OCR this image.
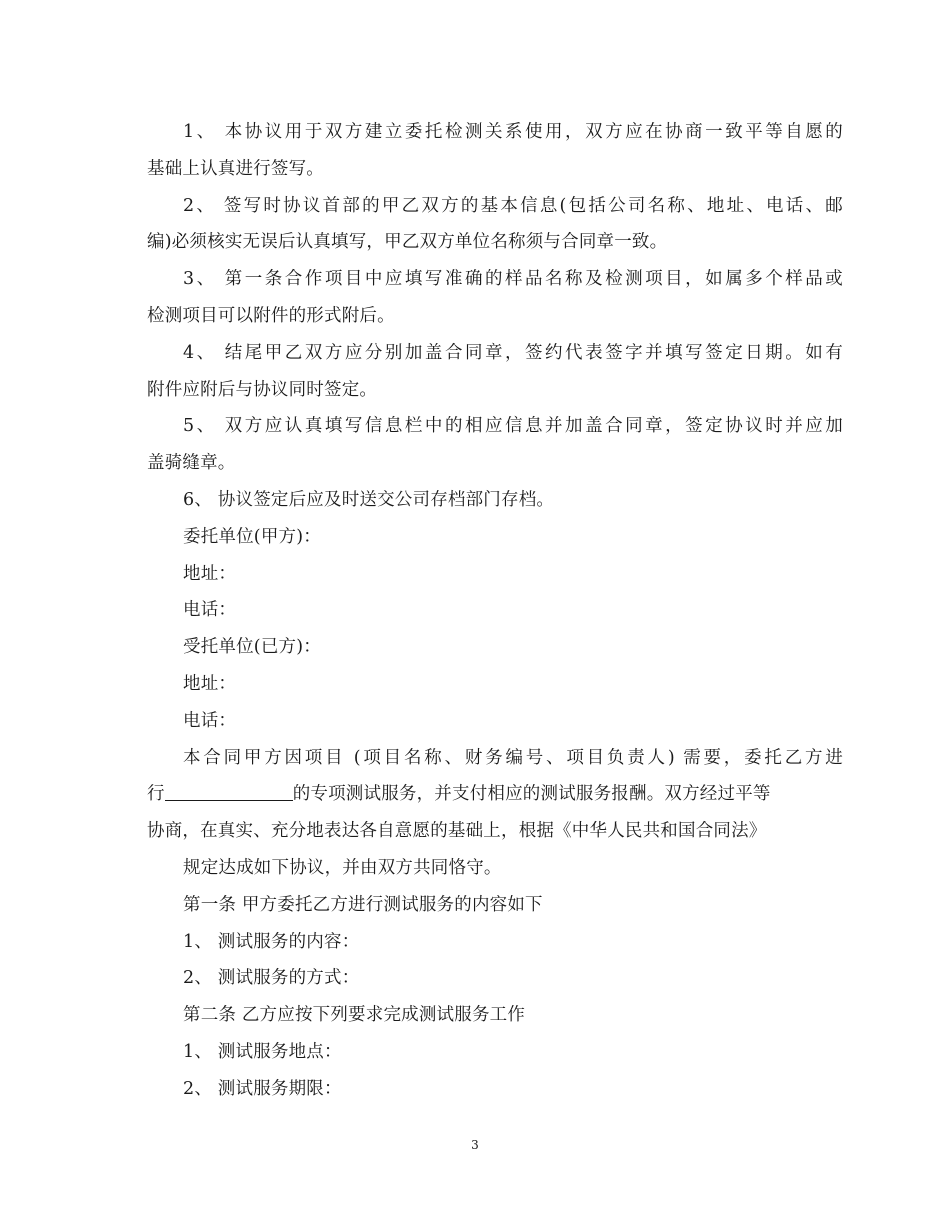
1、 本协议用于双方建立委托检测关系使用，双方应在协商一致平等自愿的
基础上认真进行签写。
2、 签写时协议首部的甲乙双方的基本信息(包括公司名称、地址、电话、邮
编)必须核实无误后认真填写，甲乙双方单位名称须与合同章一致。
3、 第一条合作项目中应填写准确的样品名称及检测项目，如属多个样品或
检测项目可以附件的形式附后。
4、 结尾甲乙双方应分别加盖合同章，签约代表签字并填写签定日期。如有
附件应附后与协议同时签定。
5、 双方应认真填写信息栏中的相应信息并加盖合同章，签定协议时并应加
盖骑缝章。
6、 协议签定后应及时送交公司存档部门存档。
委托单位(甲方)：
地址：
电话：
受托单位(已方)：
地址：
电话：
本合同甲方因项目 (项目名称、财务编号、项目负责人) 需要，委托乙方进
行	的专项测试服务，并支付相应的测试服务报酬。双方经过平等
协商，在真实、充分地表达各自意愿的基础上，根据《中华人民共和国合同法》
规定达成如下协议，并由双方共同恪守。
第一条 甲方委托乙方进行测试服务的内容如下
1、 测试服务的内容：
2、 测试服务的方式：
第二条 乙方应按下列要求完成测试服务工作
1、 测试服务地点：
2、 测试服务期限：
3
